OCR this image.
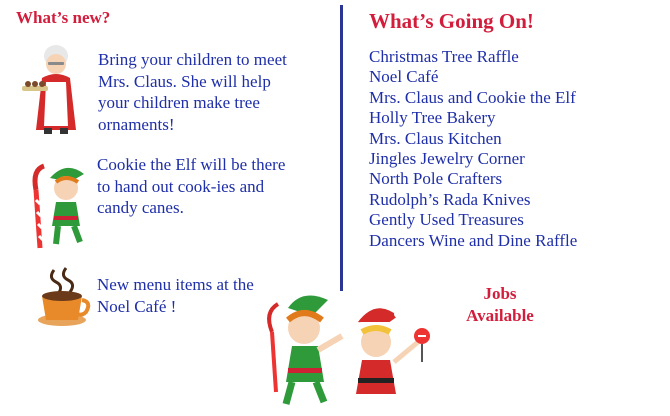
What’s new?
Bring your children to meet Mrs. Claus. She will help your children make tree ornaments!
Cookie the Elf will be there to hand out cook-ies and candy canes.
New menu items at the Noel Café !
What’s Going On!
Christmas Tree Raffle
Noel Café
Mrs. Claus and Cookie the Elf
Holly Tree Bakery
Mrs. Claus Kitchen
Jingles Jewelry Corner
North Pole Crafters
Rudolph’s Rada Knives
Gently Used Treasures
Dancers Wine and Dine Raffle
Jobs
Available
